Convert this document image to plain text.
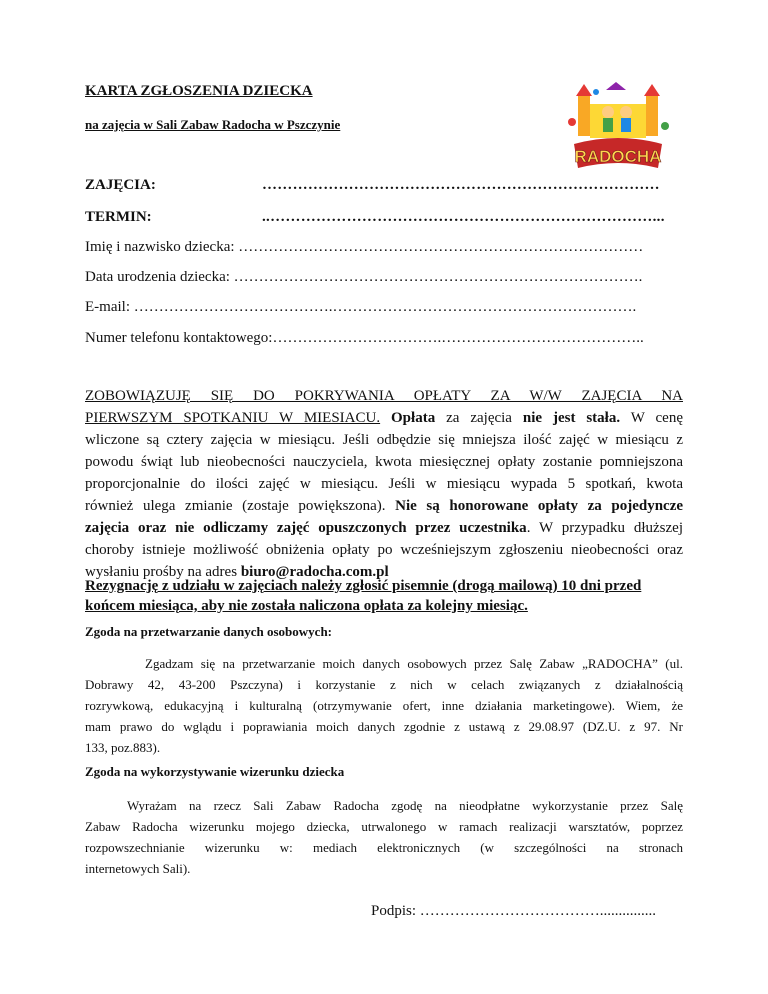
KARTA ZGŁOSZENIA DZIECKA

na zajęcia w Sali Zabaw Radocha w Pszczynie

RADOCHA

ZAJĘCIA:	……………………………………………………………………

TERMIN:	..…………………………………………………………………...

Imię i nazwisko dziecka: ………………………………………………………………………

Data urodzenia dziecka: ……………………………………………………………………….

E-mail: ………………………………….…………………………………………………….

Numer telefonu kontaktowego:…………………………….…………………………………..

ZOBOWIĄZUJĘ SIĘ DO POKRYWANIA OPŁATY ZA W/W ZAJĘCIA NA
PIERWSZYM SPOTKANIU W MIESIACU. Opłata za zajęcia nie jest stała. W cenę
wliczone są cztery zajęcia w miesiącu. Jeśli odbędzie się mniejsza ilość zajęć w miesiącu z
powodu świąt lub nieobecności nauczyciela, kwota miesięcznej opłaty zostanie pomniejszona
proporcjonalnie do ilości zajęć w miesiącu. Jeśli w miesiącu wypada 5 spotkań, kwota
również ulega zmianie (zostaje powiększona). Nie są honorowane opłaty za pojedyncze
zajęcia oraz nie odliczamy zajęć opuszczonych przez uczestnika. W przypadku dłuższej
choroby istnieje możliwość obniżenia opłaty po wcześniejszym zgłoszeniu nieobecności oraz
wysłaniu prośby na adres biuro@radocha.com.pl
Rezygnację z udziału w zajęciach należy zgłosić pisemnie (drogą mailową) 10 dni przed
końcem miesiąca, aby nie została naliczona opłata za kolejny miesiąc.

Zgoda na przetwarzanie danych osobowych:

Zgadzam się na przetwarzanie moich danych osobowych przez Salę Zabaw „RADOCHA” (ul.
Dobrawy 42, 43-200 Pszczyna) i korzystanie z nich w celach związanych z działalnością
rozrywkową, edukacyjną i kulturalną (otrzymywanie ofert, inne działania marketingowe). Wiem, że
mam prawo do wglądu i poprawiania moich danych zgodnie z ustawą z 29.08.97 (DZ.U. z 97. Nr
133, poz.883).

Zgoda na wykorzystywanie wizerunku dziecka

Wyrażam na rzecz Sali Zabaw Radocha zgodę na nieodpłatne wykorzystanie przez Salę
Zabaw Radocha wizerunku mojego dziecka, utrwalonego w ramach realizacji warsztatów, poprzez
rozpowszechnianie wizerunku w: mediach elektronicznych (w szczególności na stronach
internetowych Sali).

Podpis: ………………………………...............
